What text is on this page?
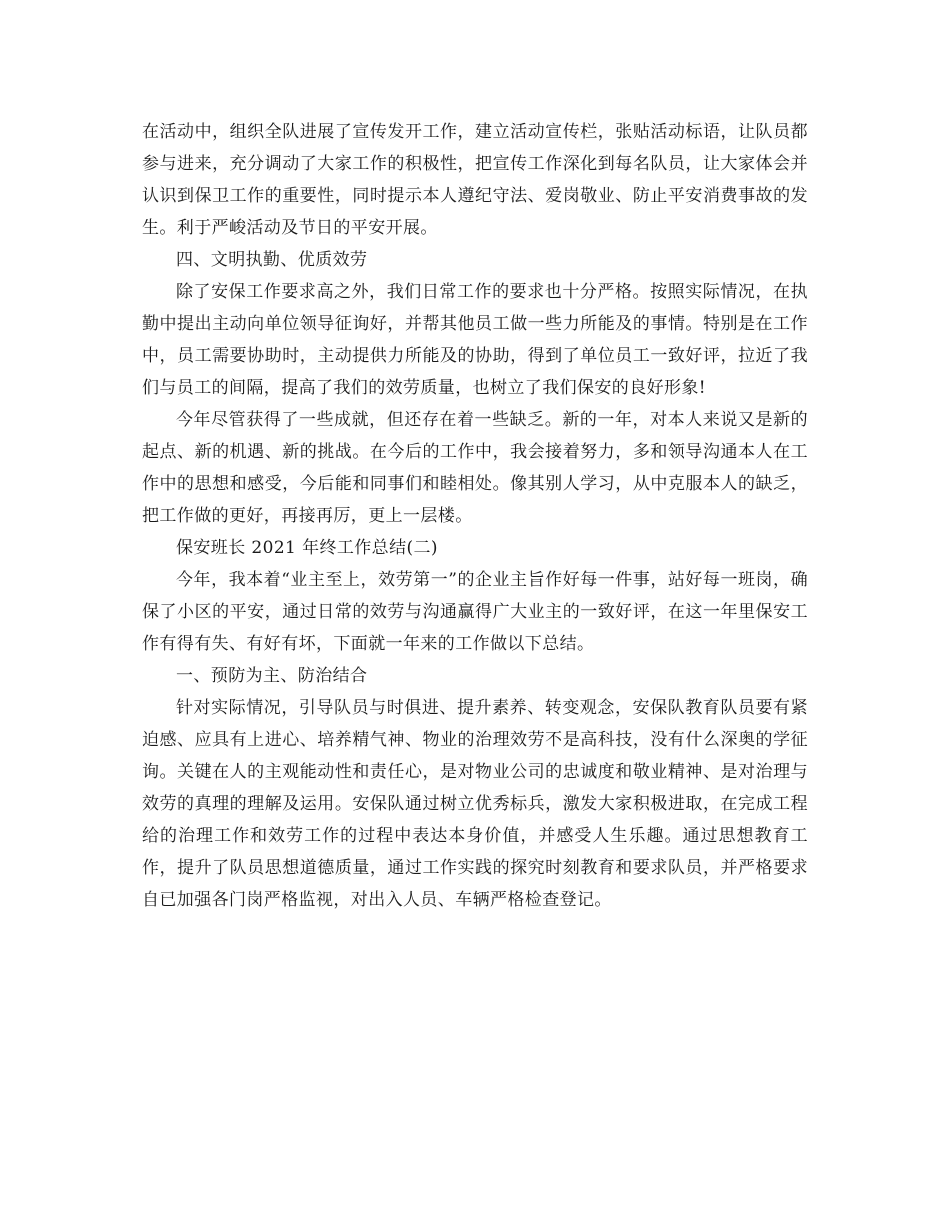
在活动中，组织全队进展了宣传发开工作，建立活动宣传栏，张贴活动标语，让队员都参与进来，充分调动了大家工作的积极性，把宣传工作深化到每名队员，让大家体会并认识到保卫工作的重要性，同时提示本人遵纪守法、爱岗敬业、防止平安消费事故的发生。利于严峻活动及节日的平安开展。

四、文明执勤、优质效劳

除了安保工作要求高之外，我们日常工作的要求也十分严格。按照实际情况，在执勤中提出主动向单位领导征询好，并帮其他员工做一些力所能及的事情。特别是在工作中，员工需要协助时，主动提供力所能及的协助，得到了单位员工一致好评，拉近了我们与员工的间隔，提高了我们的效劳质量，也树立了我们保安的良好形象!

今年尽管获得了一些成就，但还存在着一些缺乏。新的一年，对本人来说又是新的起点、新的机遇、新的挑战。在今后的工作中，我会接着努力，多和领导沟通本人在工作中的思想和感受，今后能和同事们和睦相处。像其别人学习，从中克服本人的缺乏，把工作做的更好，再接再厉，更上一层楼。

保安班长 2021 年终工作总结(二)

今年，我本着“业主至上，效劳第一”的企业主旨作好每一件事，站好每一班岗，确保了小区的平安，通过日常的效劳与沟通赢得广大业主的一致好评，在这一年里保安工作有得有失、有好有坏，下面就一年来的工作做以下总结。

一、预防为主、防治结合

针对实际情况，引导队员与时俱进、提升素养、转变观念，安保队教育队员要有紧迫感、应具有上进心、培养精气神、物业的治理效劳不是高科技，没有什么深奥的学征询。关键在人的主观能动性和责任心，是对物业公司的忠诚度和敬业精神、是对治理与效劳的真理的理解及运用。安保队通过树立优秀标兵，激发大家积极进取，在完成工程给的治理工作和效劳工作的过程中表达本身价值，并感受人生乐趣。通过思想教育工作，提升了队员思想道德质量，通过工作实践的探究时刻教育和要求队员，并严格要求自已加强各门岗严格监视，对出入人员、车辆严格检查登记。
